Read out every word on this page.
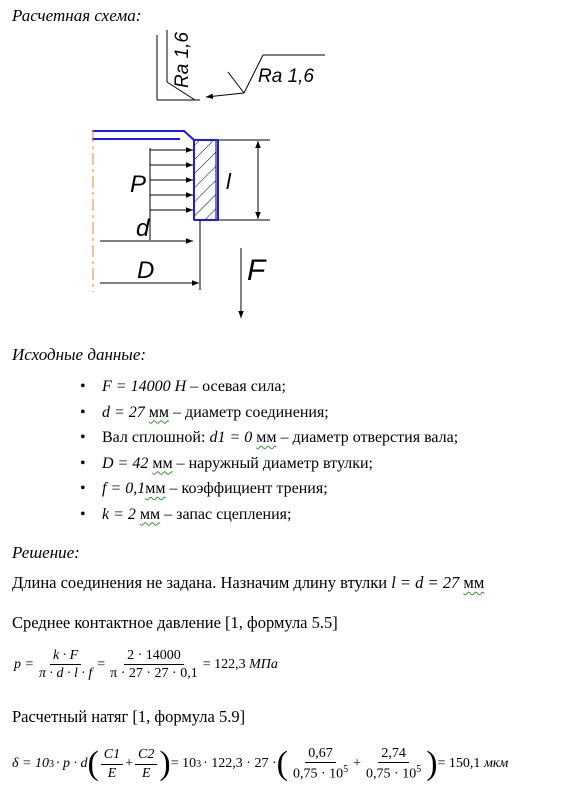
Расчетная схема:
Ra 1,6	Ra 1,6
P
d
D
l
F
Исходные данные:
• F = 14000 H – осевая сила;
• d = 27 мм – диаметр соединения;
• Вал сплошной: d1 = 0 мм – диаметр отверстия вала;
• D = 42 мм – наружный диаметр втулки;
• f = 0,1мм – коэффициент трения;
• k = 2 мм – запас сцепления;
Решение:
Длина соединения не задана. Назначим длину втулки l = d = 27 мм
Среднее контактное давление [1, формула 5.5]
$p = \frac{k \cdot F}{\pi \cdot d \cdot l \cdot f} = \frac{2 \cdot 14000}{\pi \cdot 27 \cdot 27 \cdot 0,1} = 122,3$
МПа
Расчетный натяг [1, формула 5.9]
δ = 10 3 · p · d ( $\frac{C1}{E} + \frac{C2}{E}$ ) = 10 3 · 122,3 · 27 · ( $\frac{0,67}{0,75 \cdot 10^5} + \frac{2,74}{0,75 \cdot 10^5}$ ) = 150,1
мкм
